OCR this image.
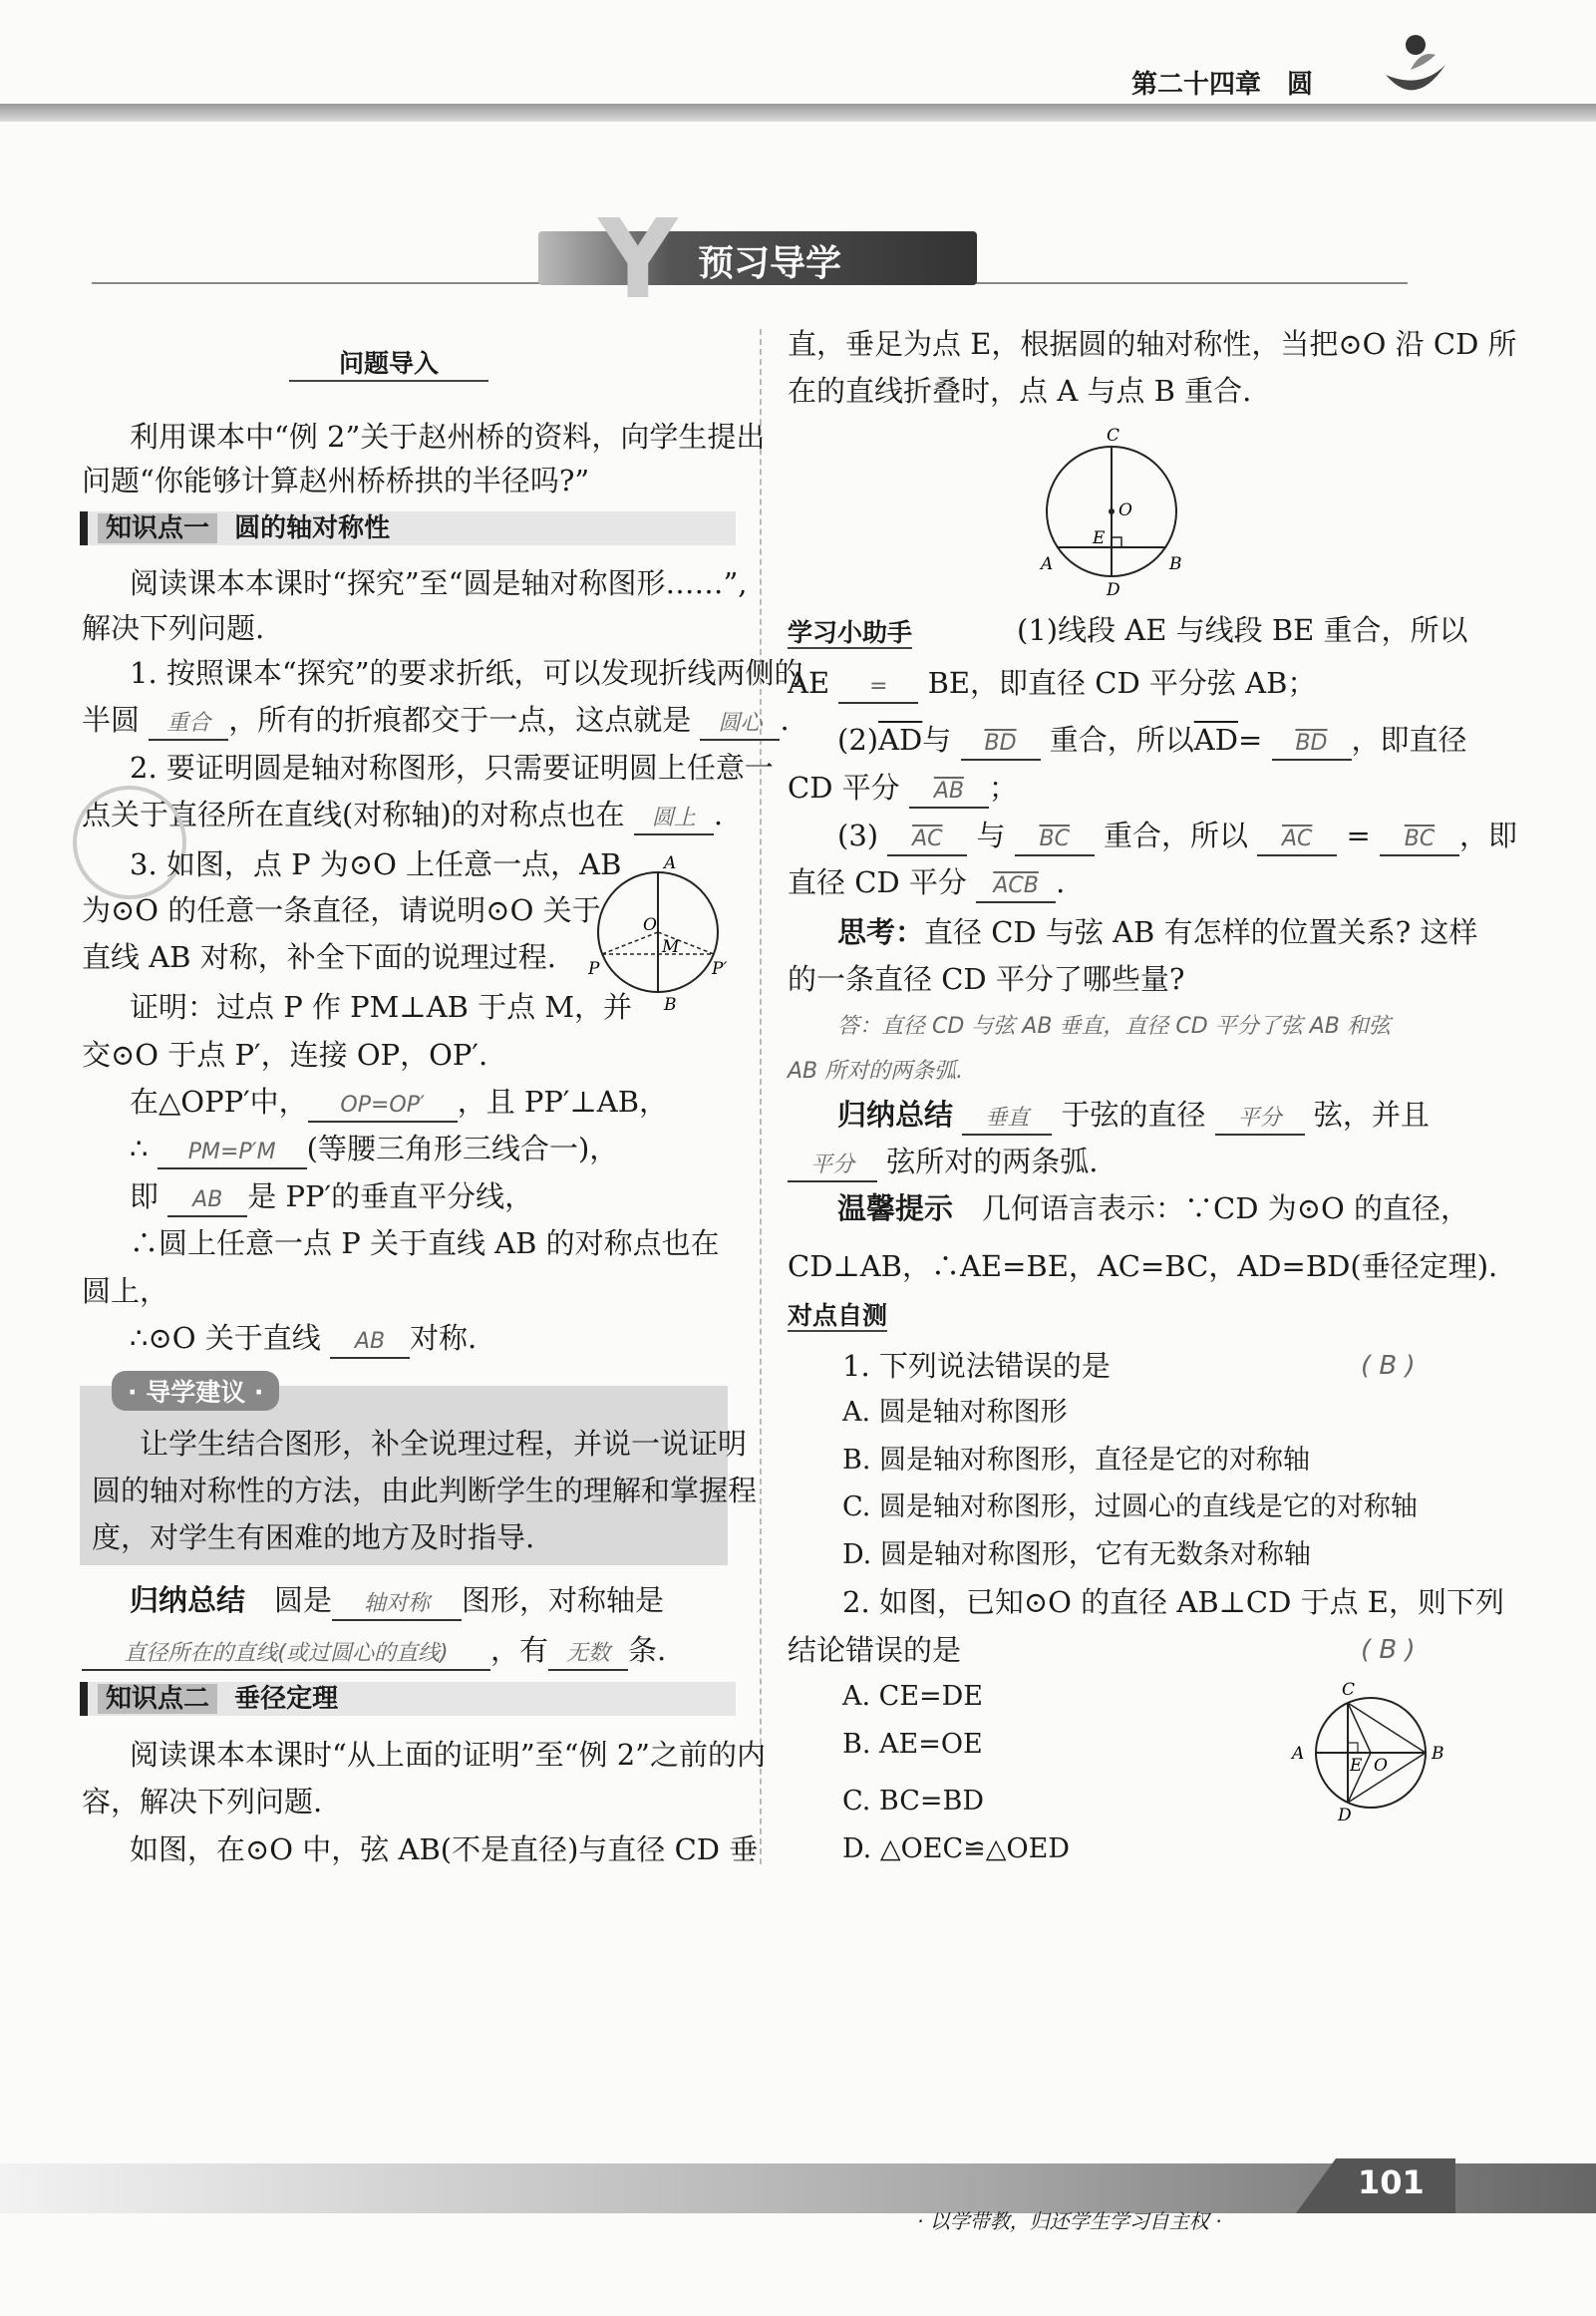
第二十四章　圆
Y 预习导学
问题导入
利用课本中“例 2”关于赵州桥的资料，向学生提出
问题“你能够计算赵州桥桥拱的半径吗?”
知识点一 圆的轴对称性
阅读课本本课时“探究”至“圆是轴对称图形……”,
解决下列问题.
1. 按照课本“探究”的要求折纸，可以发现折线两侧的
半圆 重合 ，所有的折痕都交于一点，这点就是 圆心 .
2. 要证明圆是轴对称图形，只需要证明圆上任意一
点关于直径所在直线(对称轴)的对称点也在 圆上 .
3. 如图，点 P 为⊙O 上任意一点，AB
为⊙O 的任意一条直径，请说明⊙O 关于
直线 AB 对称，补全下面的说理过程.
A
B
O
M
P	P′
证明：过点 P 作 PM⊥AB 于点 M，并
交⊙O 于点 P′，连接 OP，OP′.
在△OPP′中， OP=OP′ ，且 PP′⊥AB，
∴ PM=P′M (等腰三角形三线合一)，
即 AB 是 PP′的垂直平分线，
∴圆上任意一点 P 关于直线 AB 的对称点也在
圆上，
∴⊙O 关于直线 AB 对称.
· 导学建议 ·
让学生结合图形，补全说理过程，并说一说证明
圆的轴对称性的方法，由此判断学生的理解和掌握程
度，对学生有困难的地方及时指导.
归纳总结　 圆是 轴对称 图形，对称轴是
直径所在的直线(或过圆心的直线) ，有 无数 条.
知识点二 垂径定理
阅读课本本课时“从上面的证明”至“例 2”之前的内
容，解决下列问题.
如图，在⊙O 中，弦 AB(不是直径)与直径 CD 垂
直，垂足为点 E，根据圆的轴对称性，当把⊙O 沿 CD 所
在的直线折叠时，点 A 与点 B 重合.
C
O
E
A	B
D
学习小助手	(1)线段 AE 与线段 BE 重合，所以
AE = BE，即直径 CD 平分弦 AB；
$(2)\overline{AD}$与 $\overline{BD}$ 重合，所以$\overline{AD}= \overline{BD}$ ，即直径
CD 平分 $\overline{AB}$ ；
(3) $\overline{AC}$ 与 $\overline{BC}$ 重合，所以 $\overline{AC} = \overline{BC}$ ，即
直径 CD 平分 $\overline{ACB}$ .
思考：直径 CD 与弦 AB 有怎样的位置关系? 这样
的一条直径 CD 平分了哪些量?
答：直径 CD 与弦 AB 垂直，直径 CD 平分了弦 AB 和弦
AB 所对的两条弧.
归纳总结 垂直 于弦的直径 平分 弦，并且
平分 弦所对的两条弧.
温馨提示　 几何语言表示：∵CD 为⊙O 的直径，
CD⊥AB，∴AE=BE，AC=BC，AD=BD(垂径定理).
对点自测
1. 下列说法错误的是	( B )
A. 圆是轴对称图形
B. 圆是轴对称图形，直径是它的对称轴
C. 圆是轴对称图形，过圆心的直线是它的对称轴
D. 圆是轴对称图形，它有无数条对称轴
2. 如图，已知⊙O 的直径 AB⊥CD 于点 E，则下列
结论错误的是	( B )
A. CE=DE
B. AE=OE
C. BC=BD
D. △OEC≌△OED
C
A
E O
B
D
101
· 以学带教，归还学生学习自主权 ·
